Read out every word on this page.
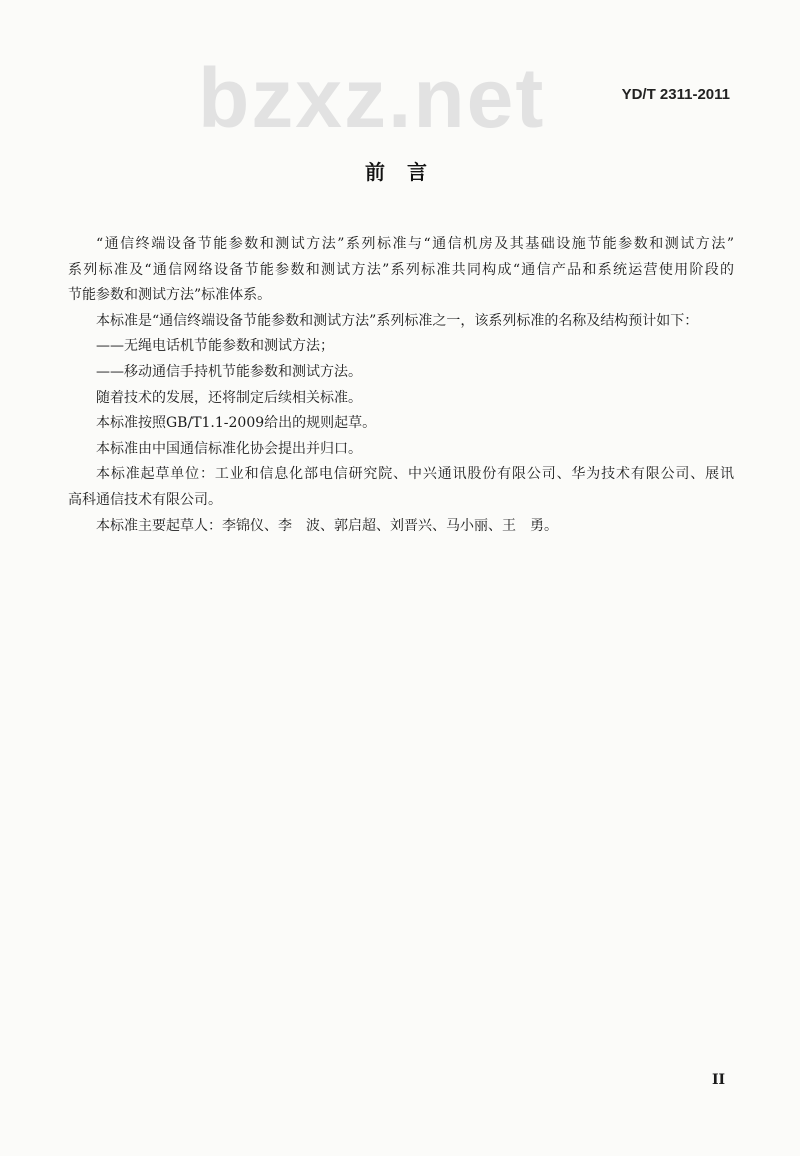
YD/T 2311-2011
bzxz.net
前言
“通信终端设备节能参数和测试方法”系列标准与“通信机房及其基础设施节能参数和测试方法”
系列标准及“通信网络设备节能参数和测试方法”系列标准共同构成“通信产品和系统运营使用阶段的
节能参数和测试方法”标准体系。
本标准是“通信终端设备节能参数和测试方法”系列标准之一，该系列标准的名称及结构预计如下：
——无绳电话机节能参数和测试方法；
——移动通信手持机节能参数和测试方法。
随着技术的发展，还将制定后续相关标准。
本标准按照GB/T1.1-2009给出的规则起草。
本标准由中国通信标准化协会提出并归口。
本标准起草单位：工业和信息化部电信研究院、中兴通讯股份有限公司、华为技术有限公司、展讯
高科通信技术有限公司。
本标准主要起草人：李锦仪、李　波、郭启超、刘晋兴、马小丽、王　勇。
II
